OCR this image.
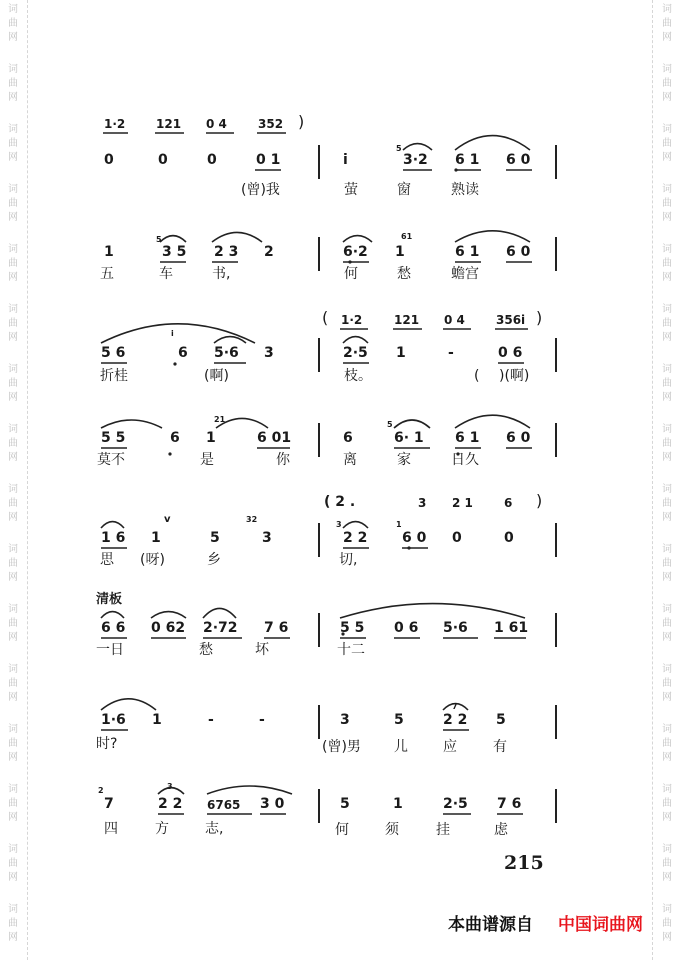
词
曲
网
词
曲
网
词
曲
网
词
曲
网
词
曲
网
词
曲
网
词
曲
网
词
曲
网
词
曲
网
词
曲
网
词
曲
网
词
曲
网
词
曲
网
词
曲
网
词
曲
网
词
曲
网
词
曲
网
词
曲
网
词
曲
网
词
曲
网
词
曲
网
词
曲
网
词
曲
网
词
曲
网
词
曲
网
词
曲
网
词
曲
网
词
曲
网
词
曲
网
词
曲
网
词
曲
网
词
曲
网
1·2	121 0 4	352 )
0	0	0	0 1	i
5
3·2 6 1 6 0
(曾)我	萤	窗	熟读
1
5
3 5 2 3 2	6·2 1
61
6 1 6 0
五	车	书,	何	愁	蟾宫
( 1·2	121 0 4	356i )
5 6
i
6 5·6 3	2·5 1	-	0 6
折桂	(啊)	枝。	( )(啊)
5 5	6
21
1	6 01	6
5
6· 1 6 1 6 0
莫不	是	你	离	家	日久
( 2 .	3 2 1	6 )
1 6 1
v
5
32
3
3
2 2
1
6 0 0	0
思 (呀)	乡	切,
清板
6 6 0 62 2·72 7 6	5 5 0 6 5·6 1 61
一日	愁	坏	十二
1·6 1	-	-	3	5
7
2 2 5
时?	(曾)男 儿	应	有
2
7
3
2 2 6765 3 0	5	1	2·5 7 6
四	方	志,	何	须	挂	虑
215
本曲谱源自 中国词曲网
